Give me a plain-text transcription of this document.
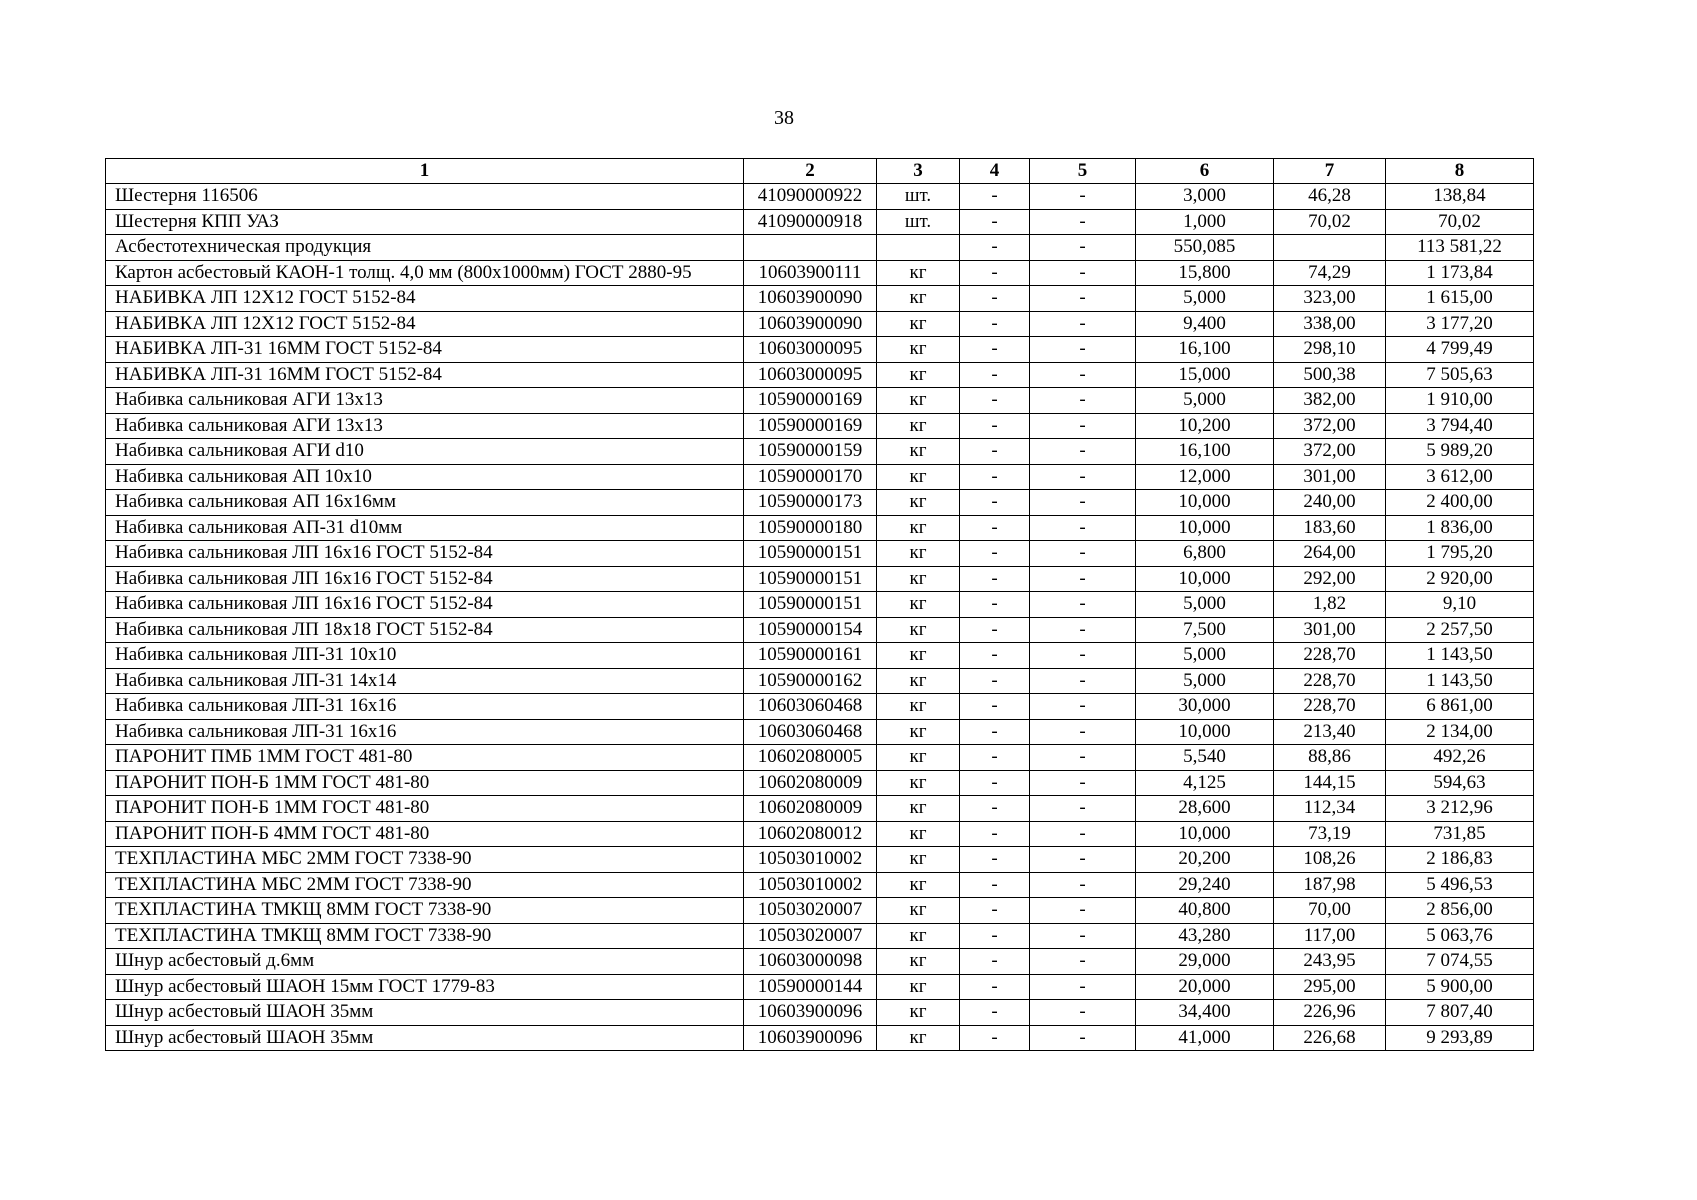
38
1	2	3	4	5	6	7	8
Шестерня 116506	41090000922	шт.	-	-	3,000	46,28	138,84
Шестерня КПП УАЗ	41090000918	шт.	-	-	1,000	70,02	70,02
Асбестотехническая продукция			-	-	550,085		113 581,22
Картон асбестовый КАОН-1 толщ. 4,0 мм (800х1000мм) ГОСТ 2880-95	10603900111	кг	-	-	15,800	74,29	1 173,84
НАБИВКА ЛП 12Х12 ГОСТ 5152-84	10603900090	кг	-	-	5,000	323,00	1 615,00
НАБИВКА ЛП 12Х12 ГОСТ 5152-84	10603900090	кг	-	-	9,400	338,00	3 177,20
НАБИВКА ЛП-31 16ММ ГОСТ 5152-84	10603000095	кг	-	-	16,100	298,10	4 799,49
НАБИВКА ЛП-31 16ММ ГОСТ 5152-84	10603000095	кг	-	-	15,000	500,38	7 505,63
Набивка сальниковая АГИ 13х13	10590000169	кг	-	-	5,000	382,00	1 910,00
Набивка сальниковая АГИ 13х13	10590000169	кг	-	-	10,200	372,00	3 794,40
Набивка сальниковая АГИ d10	10590000159	кг	-	-	16,100	372,00	5 989,20
Набивка сальниковая АП 10х10	10590000170	кг	-	-	12,000	301,00	3 612,00
Набивка сальниковая АП 16х16мм	10590000173	кг	-	-	10,000	240,00	2 400,00
Набивка сальниковая АП-31 d10мм	10590000180	кг	-	-	10,000	183,60	1 836,00
Набивка сальниковая ЛП 16х16 ГОСТ 5152-84	10590000151	кг	-	-	6,800	264,00	1 795,20
Набивка сальниковая ЛП 16х16 ГОСТ 5152-84	10590000151	кг	-	-	10,000	292,00	2 920,00
Набивка сальниковая ЛП 16х16 ГОСТ 5152-84	10590000151	кг	-	-	5,000	1,82	9,10
Набивка сальниковая ЛП 18х18 ГОСТ 5152-84	10590000154	кг	-	-	7,500	301,00	2 257,50
Набивка сальниковая ЛП-31 10х10	10590000161	кг	-	-	5,000	228,70	1 143,50
Набивка сальниковая ЛП-31 14х14	10590000162	кг	-	-	5,000	228,70	1 143,50
Набивка сальниковая ЛП-31 16х16	10603060468	кг	-	-	30,000	228,70	6 861,00
Набивка сальниковая ЛП-31 16х16	10603060468	кг	-	-	10,000	213,40	2 134,00
ПАРОНИТ ПМБ 1ММ ГОСТ 481-80	10602080005	кг	-	-	5,540	88,86	492,26
ПАРОНИТ ПОН-Б 1ММ ГОСТ 481-80	10602080009	кг	-	-	4,125	144,15	594,63
ПАРОНИТ ПОН-Б 1ММ ГОСТ 481-80	10602080009	кг	-	-	28,600	112,34	3 212,96
ПАРОНИТ ПОН-Б 4ММ ГОСТ 481-80	10602080012	кг	-	-	10,000	73,19	731,85
ТЕХПЛАСТИНА МБС 2ММ ГОСТ 7338-90	10503010002	кг	-	-	20,200	108,26	2 186,83
ТЕХПЛАСТИНА МБС 2ММ ГОСТ 7338-90	10503010002	кг	-	-	29,240	187,98	5 496,53
ТЕХПЛАСТИНА ТМКЩ 8ММ ГОСТ 7338-90	10503020007	кг	-	-	40,800	70,00	2 856,00
ТЕХПЛАСТИНА ТМКЩ 8ММ ГОСТ 7338-90	10503020007	кг	-	-	43,280	117,00	5 063,76
Шнур асбестовый д.6мм	10603000098	кг	-	-	29,000	243,95	7 074,55
Шнур асбестовый ШАОН 15мм ГОСТ 1779-83	10590000144	кг	-	-	20,000	295,00	5 900,00
Шнур асбестовый ШАОН 35мм	10603900096	кг	-	-	34,400	226,96	7 807,40
Шнур асбестовый ШАОН 35мм	10603900096	кг	-	-	41,000	226,68	9 293,89
